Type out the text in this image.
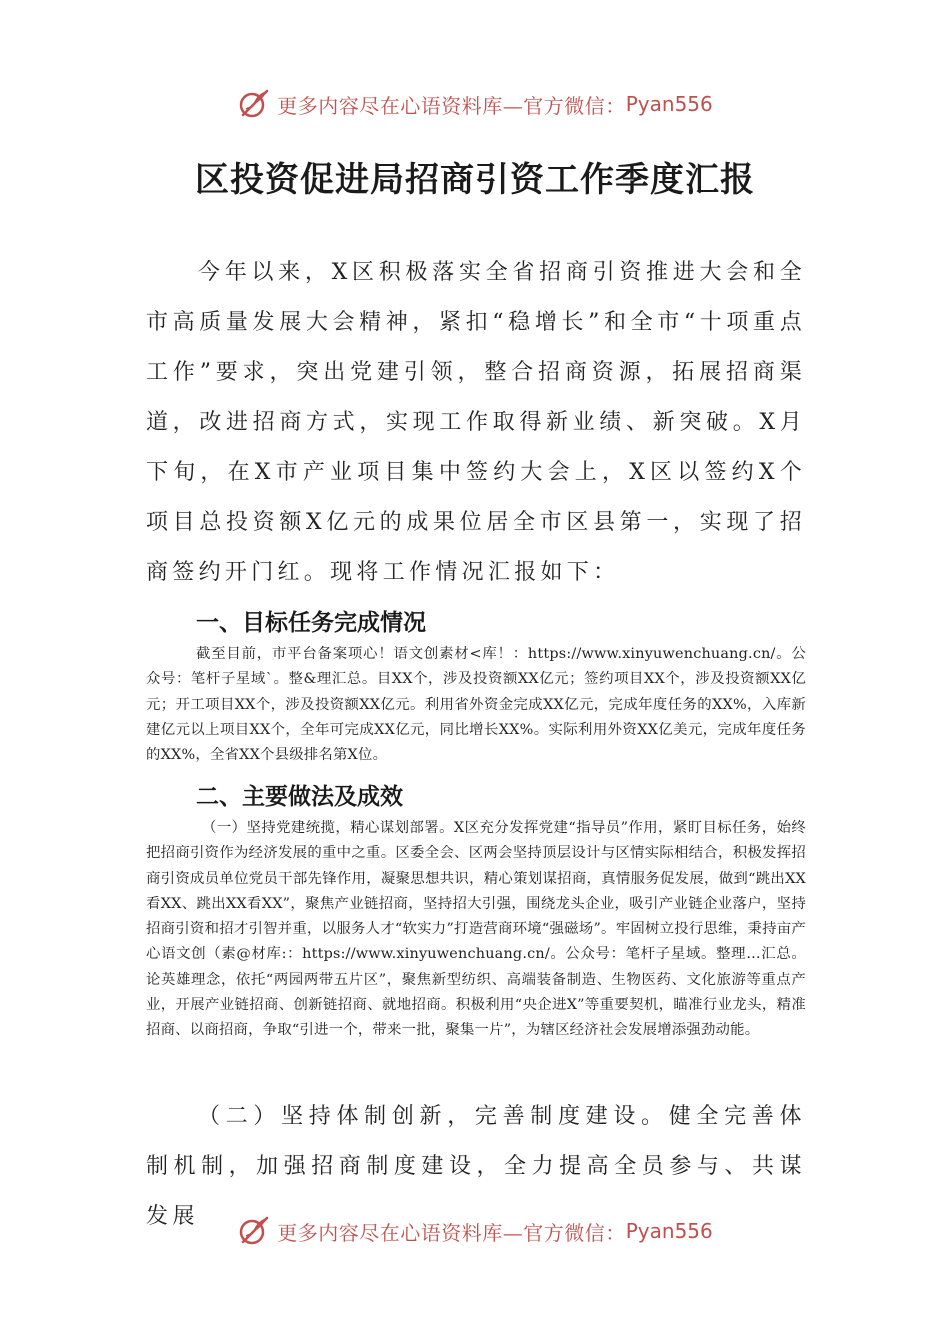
更多内容尽在心语资料库—官方微信： Pyan556
区投资促进局招商引资工作季度汇报
今年以来，X区积极落实全省招商引资推进大会和全市高质量发展大会精神，紧扣“稳增长”和全市“十项重点工作”要求，突出党建引领，整合招商资源，拓展招商渠道，改进招商方式，实现工作取得新业绩、新突破。X月下旬，在X市产业项目集中签约大会上，X区以签约X个项目总投资额X亿元的成果位居全市区县第一，实现了招商签约开门红。现将工作情况汇报如下：
一、目标任务完成情况
截至目前，市平台备案项心！语文创素材<库！：https://www.xinyuwenchuang.cn/。公众号：笔杆子星域`。整&理汇总。目XX个，涉及投资额XX亿元；签约项目XX个，涉及投资额XX亿元；开工项目XX个，涉及投资额XX亿元。利用省外资金完成XX亿元，完成年度任务的XX%，入库新建亿元以上项目XX个，全年可完成XX亿元，同比增长XX%。实际利用外资XX亿美元，完成年度任务的XX%，全省XX个县级排名第X位。
二、主要做法及成效
（一）坚持党建统揽，精心谋划部署。X区充分发挥党建“指导员”作用，紧盯目标任务，始终把招商引资作为经济发展的重中之重。区委全会、区两会坚持顶层设计与区情实际相结合，积极发挥招商引资成员单位党员干部先锋作用，凝聚思想共识，精心策划谋招商，真情服务促发展，做到“跳出XX看XX、跳出XX看XX”，聚焦产业链招商，坚持招大引强，围绕龙头企业，吸引产业链企业落户，坚持招商引资和招才引智并重，以服务人才“软实力”打造营商环境“强磁场”。牢固树立投行思维，秉持亩产心语文创（素@材库:：https://www.xinyuwenchuang.cn/。公众号：笔杆子星域。整理…汇总。论英雄理念，依托“两园两带五片区”，聚焦新型纺织、高端装备制造、生物医药、文化旅游等重点产业，开展产业链招商、创新链招商、就地招商。积极利用“央企进X”等重要契机，瞄准行业龙头，精准招商、以商招商，争取“引进一个，带来一批，聚集一片”，为辖区经济社会发展增添强劲动能。
（二）坚持体制创新，完善制度建设。健全完善体制机制，加强招商制度建设，全力提高全员参与、共谋发展
更多内容尽在心语资料库—官方微信： Pyan556
